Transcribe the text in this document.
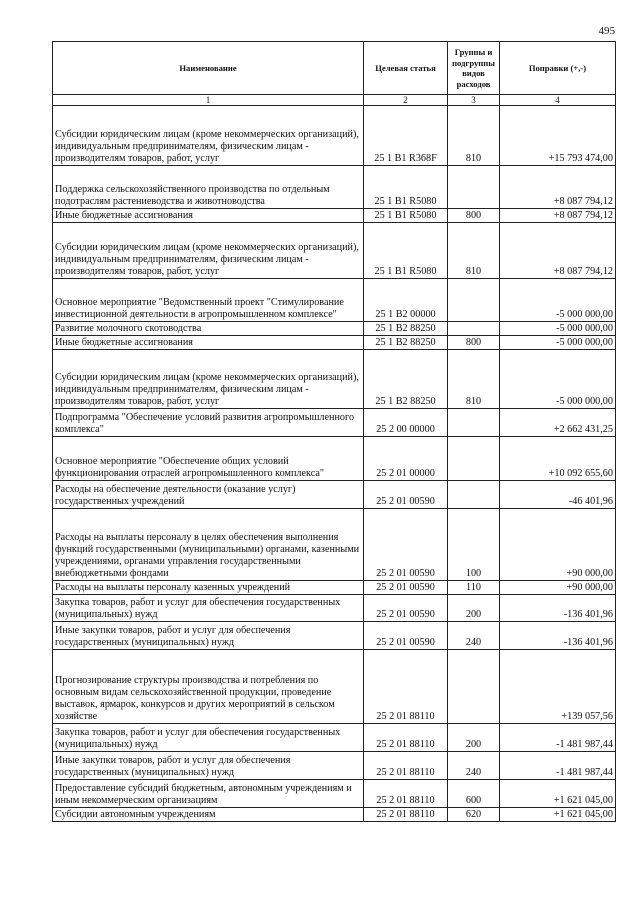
495
Наименование	Целевая статья	Группы и подгруппы видов расходов	Поправки (+,-)
1	2	3	4
Субсидии юридическим лицам (кроме некоммерческих организаций), индивидуальным предпринимателям, физическим лицам - производителям товаров, работ, услуг	25 1 B1 R368F	810	+15 793 474,00
Поддержка сельскохозяйственного производства по отдельным подотраслям растениеводства и животноводства	25 1 B1 R5080		+8 087 794,12
Иные бюджетные ассигнования	25 1 B1 R5080	800	+8 087 794,12
Субсидии юридическим лицам (кроме некоммерческих организаций), индивидуальным предпринимателям, физическим лицам - производителям товаров, работ, услуг	25 1 B1 R5080	810	+8 087 794,12
Основное мероприятие "Ведомственный проект "Стимулирование инвестиционной деятельности в агропромышленном комплексе"	25 1 B2 00000		-5 000 000,00
Развитие молочного скотоводства	25 1 B2 88250		-5 000 000,00
Иные бюджетные ассигнования	25 1 B2 88250	800	-5 000 000,00
Субсидии юридическим лицам (кроме некоммерческих организаций), индивидуальным предпринимателям, физическим лицам - производителям товаров, работ, услуг	25 1 B2 88250	810	-5 000 000,00
Подпрограмма "Обеспечение условий развития агропромышленного комплекса"	25 2 00 00000		+2 662 431,25
Основное мероприятие "Обеспечение общих условий функционирования отраслей агропромышленного комплекса"	25 2 01 00000		+10 092 655,60
Расходы на обеспечение деятельности (оказание услуг) государственных учреждений	25 2 01 00590		-46 401,96
Расходы на выплаты персоналу в целях обеспечения выполнения функций государственными (муниципальными) органами, казенными учреждениями, органами управления государственными внебюджетными фондами	25 2 01 00590	100	+90 000,00
Расходы на выплаты персоналу казенных учреждений	25 2 01 00590	110	+90 000,00
Закупка товаров, работ и услуг для обеспечения государственных (муниципальных) нужд	25 2 01 00590	200	-136 401,96
Иные закупки товаров, работ и услуг для обеспечения государственных (муниципальных) нужд	25 2 01 00590	240	-136 401,96
Прогнозирование структуры производства и потребления по основным видам сельскохозяйственной продукции, проведение выставок, ярмарок, конкурсов и других мероприятий в сельском хозяйстве	25 2 01 88110		+139 057,56
Закупка товаров, работ и услуг для обеспечения государственных (муниципальных) нужд	25 2 01 88110	200	-1 481 987,44
Иные закупки товаров, работ и услуг для обеспечения государственных (муниципальных) нужд	25 2 01 88110	240	-1 481 987,44
Предоставление субсидий бюджетным, автономным учреждениям и иным некоммерческим организациям	25 2 01 88110	600	+1 621 045,00
Субсидии автономным учреждениям	25 2 01 88110	620	+1 621 045,00
